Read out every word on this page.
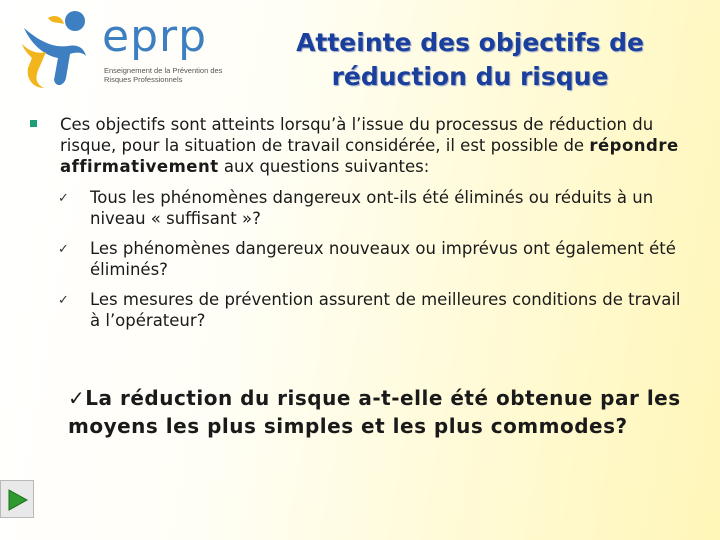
eprp
Enseignement de la Prévention des Risques Professionnels
Atteinte des objectifs de réduction du risque

Ces objectifs sont atteints lorsqu’à l’issue du processus de réduction du risque, pour la situation de travail considérée, il est possible de répondre affirmativement aux questions suivantes:

✓ Tous les phénomènes dangereux ont-ils été éliminés ou réduits à un niveau « suffisant »?
✓ Les phénomènes dangereux nouveaux ou imprévus ont également été éliminés?
✓ Les mesures de prévention assurent de meilleures conditions de travail à l’opérateur?
✓La réduction du risque a-t-elle été obtenue par les moyens les plus simples et les plus commodes?
